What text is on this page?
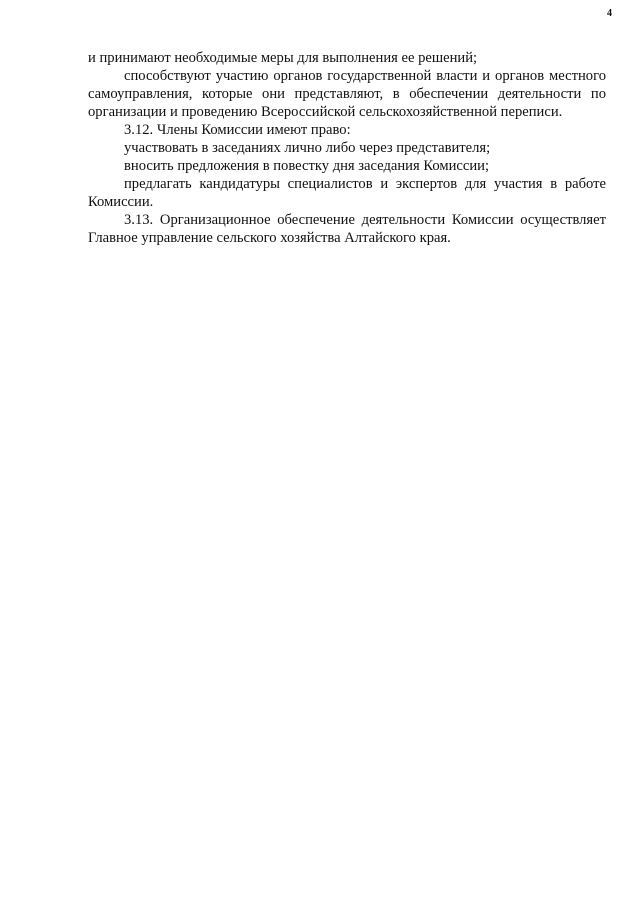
4

и принимают необходимые меры для выполнения ее решений;

способствуют участию органов государственной власти и органов местного самоуправления, которые они представляют, в обеспечении деятельности по организации и проведению Всероссийской сельскохозяйственной переписи.

3.12. Члены Комиссии имеют право:

участвовать в заседаниях лично либо через представителя;

вносить предложения в повестку дня заседания Комиссии;

предлагать кандидатуры специалистов и экспертов для участия в работе Комиссии.

3.13. Организационное обеспечение деятельности Комиссии осуществляет Главное управление сельского хозяйства Алтайского края.
